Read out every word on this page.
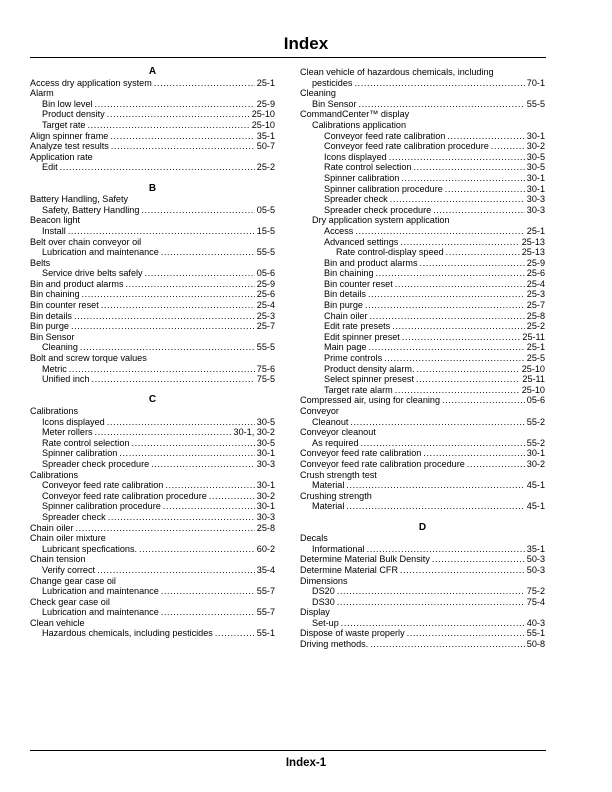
Index
A
Access dry application system .....	25-1
Alarm
Bin low level .....	25-9
Product density .....	25-10
Target rate .....	25-10
Align spinner frame .....	35-1
Analyze test results .....	50-7
Application rate
Edit .....	25-2
B
Battery Handling, Safety
Safety, Battery Handling .....	05-5
Beacon light
Install .....	15-5
Belt over chain conveyor oil
Lubrication and maintenance .....	55-5
Belts
Service drive belts safely .....	05-6
Bin and product alarms .....	25-9
Bin chaining .....	25-6
Bin counter reset .....	25-4
Bin details .....	25-3
Bin purge .....	25-7
Bin Sensor
Cleaning .....	55-5
Bolt and screw torque values
Metric .....	75-6
Unified inch .....	75-5
C
Calibrations
Icons displayed .....	30-5
Meter rollers .....	30-1, 30-2
Rate control selection .....	30-5
Spinner calibration .....	30-1
Spreader check procedure .....	30-3
Calibrations
Conveyor feed rate calibration .....	30-1
Conveyor feed rate calibration procedure .....	30-2
Spinner calibration procedure .....	30-1
Spreader check .....	30-3
Chain oiler .....	25-8
Chain oiler mixture
Lubricant specfications. .....	60-2
Chain tension
Verify correct .....	35-4
Change gear case oil
Lubrication and maintenance .....	55-7
Check gear case oil
Lubrication and maintenance .....	55-7
Clean vehicle
Hazardous chemicals, including pesticides .....	55-1
Clean vehicle of hazardous chemicals, including
pesticides .....	70-1
Cleaning
Bin Sensor .....	55-5
CommandCenter™ display
Calibrations application
Conveyor feed rate calibration .....	30-1
Conveyor feed rate calibration procedure .....	30-2
Icons displayed .....	30-5
Rate control selection .....	30-5
Spinner calibration .....	30-1
Spinner calibration procedure .....	30-1
Spreader check .....	30-3
Spreader check procedure .....	30-3
Dry application system application
Access .....	25-1
Advanced settings .....	25-13
Rate control-display speed .....	25-13
Bin and product alarms .....	25-9
Bin chaining .....	25-6
Bin counter reset .....	25-4
Bin details .....	25-3
Bin purge .....	25-7
Chain oiler .....	25-8
Edit rate presets .....	25-2
Edit spinner preset .....	25-11
Main page .....	25-1
Prime controls .....	25-5
Product density alarm. .....	25-10
Select spinner presest .....	25-11
Target rate alarm .....	25-10
Compressed air, using for cleaning .....	05-6
Conveyor
Cleanout .....	55-2
Conveyor cleanout
As required .....	55-2
Conveyor feed rate calibration .....	30-1
Conveyor feed rate calibration procedure .....	30-2
Crush strength test
Material .....	45-1
Crushing strength
Material .....	45-1
D
Decals
Informational .....	35-1
Determine Material Bulk Density .....	50-3
Determine Material CFR .....	50-3
Dimensions
DS20 .....	75-2
DS30 .....	75-4
Display
Set-up .....	40-3
Dispose of waste properly .....	55-1
Driving methods. .....	50-8
Index-1
